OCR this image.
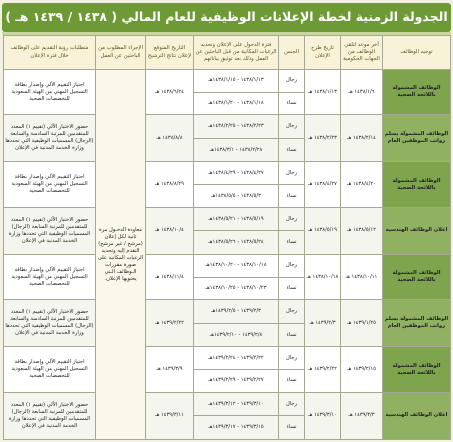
الجدولة الزمنية لخطة الإعلانات الوظيفية للعام المالي ( ١٤٣٨ / ١٤٣٩ هـ )
توجيه الوظائف	آخر موعد لتلقي الوظائف من الجهات الحكومية	تاريخ طرح الإعلان	الجنس	فترة الدخول على الإعلان وتحديد الرغبات المكانية من قبل الباحثين عن العمل وذلك بعد توثيق بياناتهم	التاريخ المتوقع لإعلان نتائج الترشيح	الإجراء المطلوب من الباحثين عن العمل	متطلبات رؤية التقديم على الوظائف خلال فترة الإعلان
الوظائف المشمولة باللائحة الصحية	١٤٣٨/١/٦ هـ	١٤٣٨/١/١٣ هـ	رجال	١٤٣٨/١/١٣ - ١٤٣٨/١/١٥هـ	١٤٣٨/٦/٢٤ هـ	معاودة الدخـول مرة ثانية لكل إعلان (مرشح / غير مرشح) التقدم إليه وتحديد الرغبات المكانية على صورة مقررات الـوظائف الـتي يحتويها الإعلان.	اجتياز التقييم الآلي وإصدار بطاقة التسجيل المهني من الهيئة السعودية للتخصصات الصحية
			نساء	١٤٣٨/١/١٨ - ١٤٣٨/١/٢٠هـ			
الوظائف المشمولة بسلم رواتب الموظفين العام	١٤٣٨/٢/١٤ هـ	١٤٣٨/٢/٢٣ هـ	رجال	١٤٣٨/٢/٢٣ - ١٤٣٨/٢/٢٥هـ	١٤٣٨/٨/٨ هـ		حضور الاختبار الآلي (تقييم ١) المعدد للمتقدمين للمرتبة السادسة والسابعة (الرجال) المسميات الوظيفية التي تحددها وزارة الخدمة المدنية في الإعلان
			نساء	١٤٣٨/٢/٢٨ - ١٤٣٨/٣/١هـ			
الوظائف المشمولة باللائحة الصحية	١٤٣٨/٤/٢٠ هـ	١٤٣٨/٤/٢٧ هـ	رجال	١٤٣٨/٤/٢٧ - ١٤٣٨/٤/٢٩هـ	١٤٣٨/٨/٢٩ هـ		اجتياز التقييم الآلي وإصدار بطاقة التسجيل المهني من الهيئة السعودية للتخصصات الصحية
			نساء	١٤٣٨/٥/٣ - ١٤٣٨/٥/٥هـ			
اعلان الوظائف الهندسية	١٤٣٨/٥/١٢ هـ	١٤٣٨/٥/١٩ هـ	رجال	١٤٣٨/٥/١٩ - ١٤٣٨/٥/٢١هـ	١٤٣٨/١٠/٤ هـ		حضور الاختبار الآلي (تقييم ١) المعدد للمتقدمين للمرتبة السابعة (الرجال) المسميات الوظيفية التي تحددها وزارة الخدمة المدنية في الإعلان
			نساء	١٤٣٨/٥/٢٤ - ١٤٣٨/٥/٢٦هـ			
الوظائف المشمولة باللائحة الصحية	١٤٣٨/١٠/١١ هـ	١٤٣٨/١٠/١٨ هـ	رجال	١٤٣٨/١٠/١٨ - ١٤٣٨/١٠/٢٠هـ	١٤٣٨/١١/٤ هـ		اجتياز التقييم الآلي وإصدار بطاقة التسجيل المهني من الهيئة السعودية للتخصصات الصحية
			نساء	١٤٣٨/١٠/٢٣ - ١٤٣٨/١٠/٢٥هـ			
الوظائف المشمولة بسلم رواتب الموظفين العام	١٤٣٩/١/٢٥ هـ	١٤٣٩/٢/٣ هـ	رجال	١٤٣٩/٢/٣ - ١٤٣٩/٢/٥هـ	١٤٣٩/٢/٢٢ هـ		حضور الاختبار الآلي (تقييم ١) المعدد للمتقدمين للمرتبة السادسة والسابعة (الرجال) المسميات الوظيفية التي تحددها وزارة الخدمة المدنية في الإعلان
			نساء	١٤٣٩/٢/٨ - ١٤٣٩/٢/١٠هـ			
الوظائف المشمولة باللائحة الصحية	١٤٣٩/٢/١٥ هـ	١٤٣٩/٢/٢٢ هـ	رجال	١٤٣٩/٢/٢٢ - ١٤٣٩/٢/٢٤هـ	١٤٣٩/٣/٩ هـ		اجتياز التقييم الآلي وإصدار بطاقة التسجيل المهني من الهيئة السعودية للتخصصات الصحية
			نساء	١٤٣٩/٢/٢٧ - ١٤٣٩/٢/٢٩هـ			
اعلان الوظائف الهندسية	١٤٣٩/٣/٣ هـ	١٤٣٩/٣/١٠ هـ	رجال	١٤٣٩/٣/١٠ - ١٤٣٩/٣/١٢هـ	١٤٣٩/٣/١١ هـ		حضور الاختبار الآلي (تقييم ١) المعدد للمتقدمين للمرتبة السابعة (الرجال) المسميات الوظيفية التي تحددها وزارة الخدمة المدنية في الإعلان
			نساء	١٤٣٩/٣/١٥ - ١٤٣٩/٣/١٧هـ			
